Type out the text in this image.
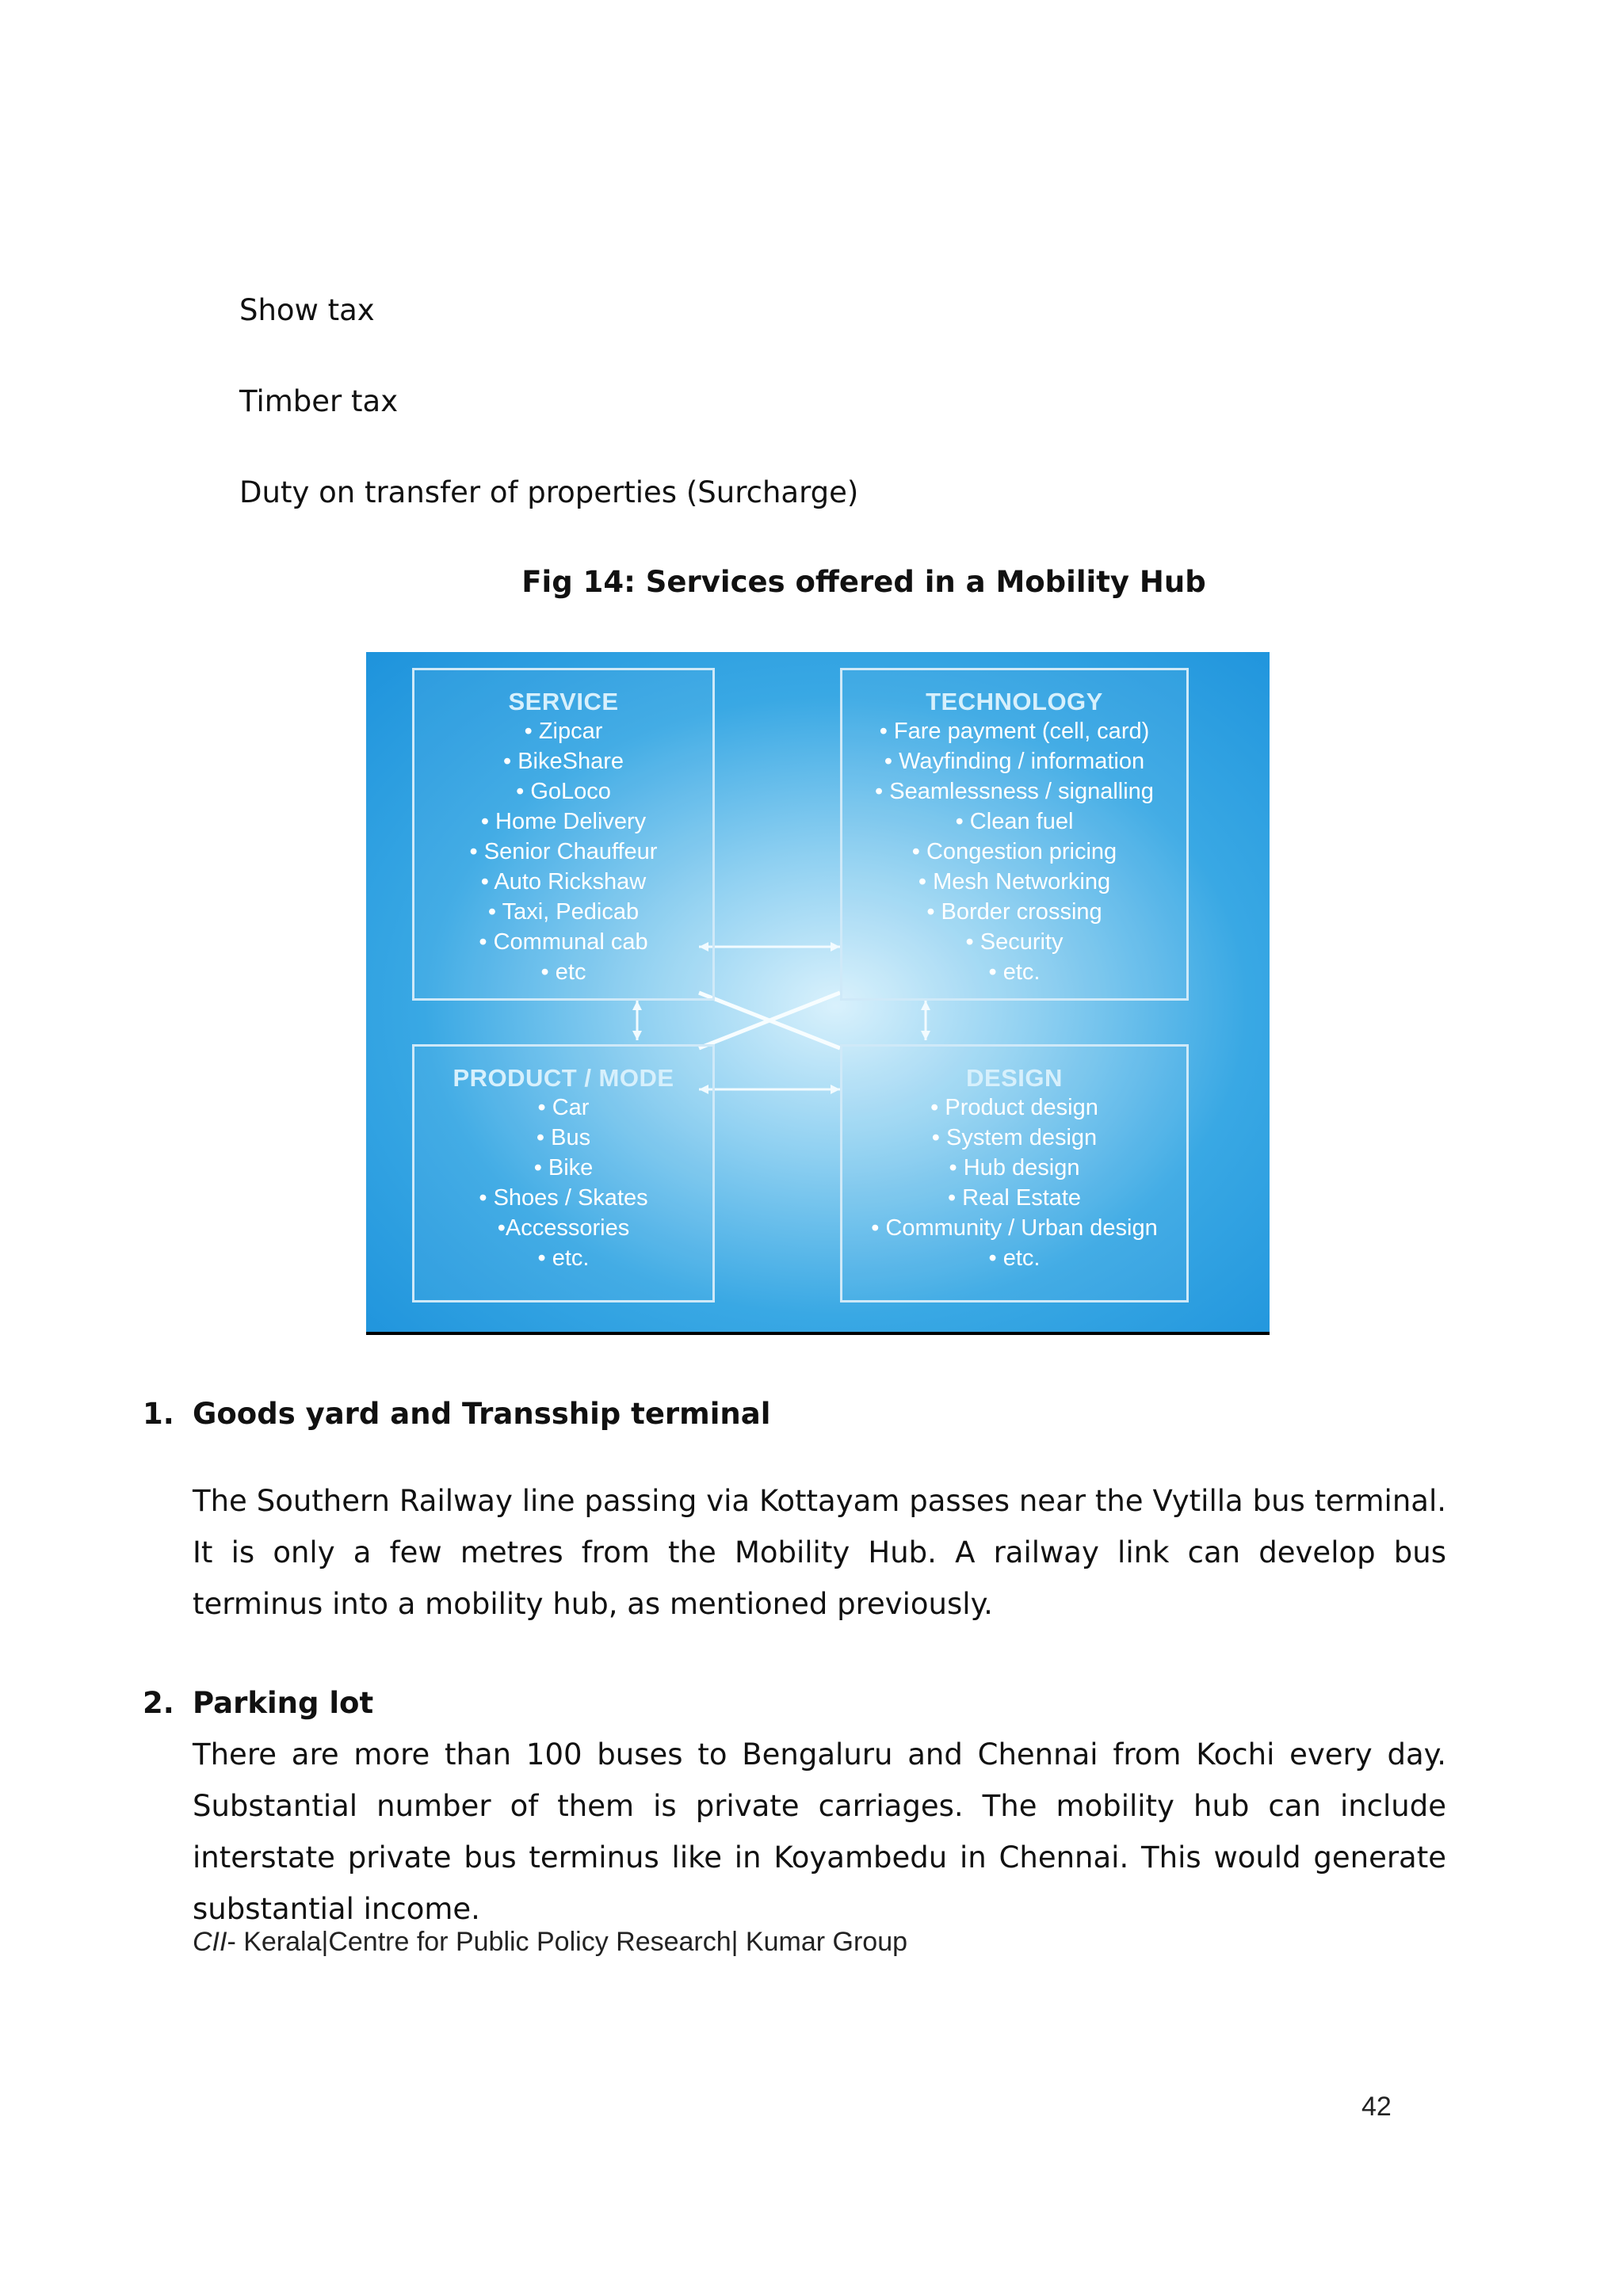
Show tax
Timber tax
Duty on transfer of properties (Surcharge)
Fig 14: Services offered in a Mobility Hub
SERVICE
• Zipcar
• BikeShare
• GoLoco
• Home Delivery
• Senior Chauffeur
• Auto Rickshaw
• Taxi, Pedicab
• Communal cab
• etc
TECHNOLOGY
• Fare payment (cell, card)
• Wayfinding / information
• Seamlessness / signalling
• Clean fuel
• Congestion pricing
• Mesh Networking
• Border crossing
• Security
• etc.
PRODUCT / MODE
• Car
• Bus
• Bike
• Shoes / Skates
•Accessories
• etc.
DESIGN
• Product design
• System design
• Hub design
• Real Estate
• Community / Urban design
• etc.
1. Goods yard and Transship terminal
The Southern Railway line passing via Kottayam passes near the Vytilla bus terminal. It is only a few metres from the Mobility Hub. A railway link can develop bus terminus into a mobility hub, as mentioned previously.
2. Parking lot
There are more than 100 buses to Bengaluru and Chennai from Kochi every day. Substantial number of them is private carriages. The mobility hub can include interstate private bus terminus like in Koyambedu in Chennai. This would generate substantial income.
CII- Kerala|Centre for Public Policy Research| Kumar Group
42
